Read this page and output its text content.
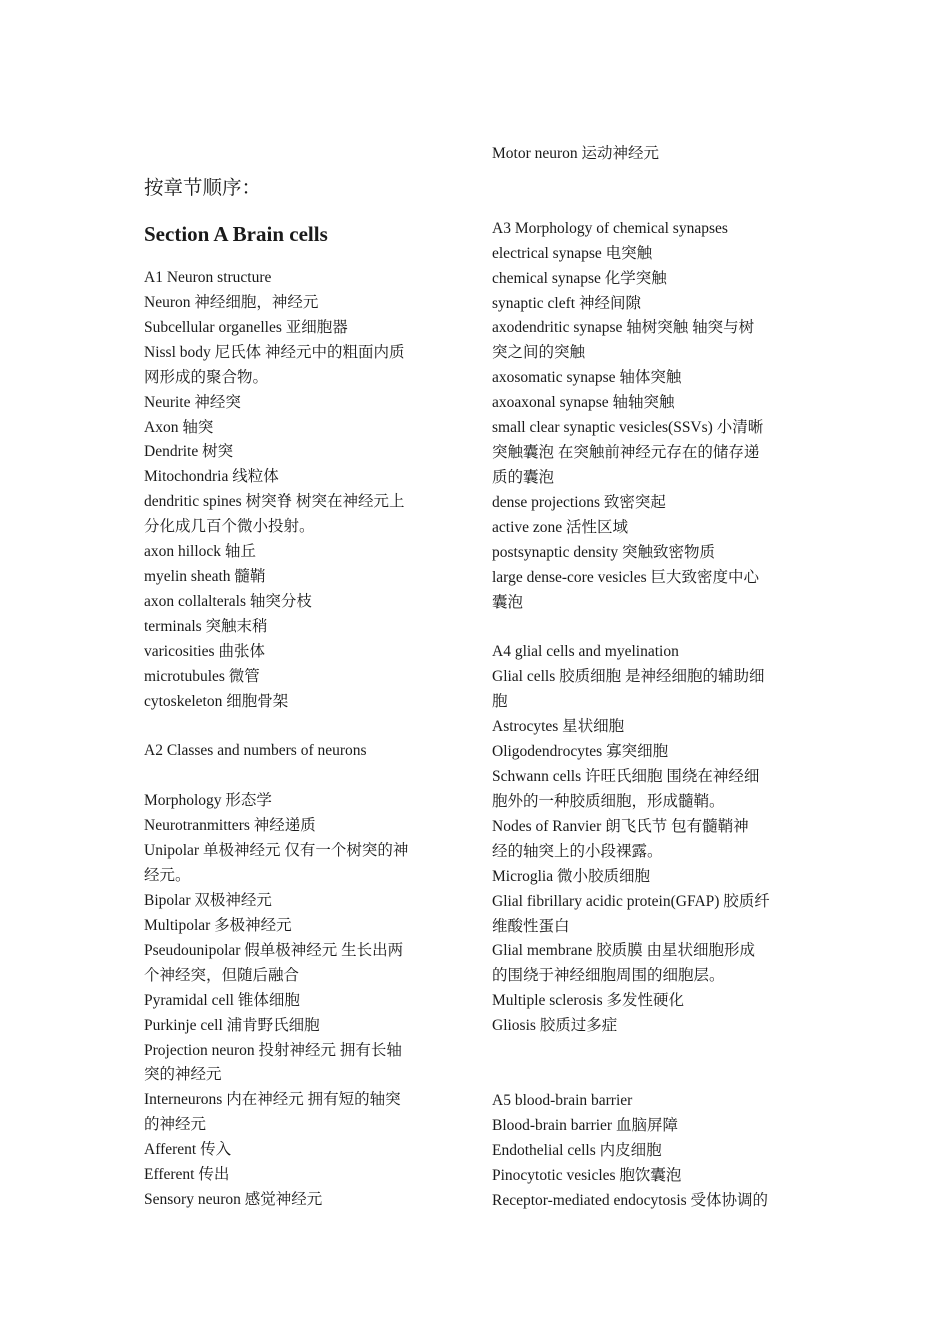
按章节顺序：
Section A Brain cells
A1 Neuron structure
Neuron 神经细胞，神经元
Subcellular organelles 亚细胞器
Nissl body 尼氏体 神经元中的粗面内质
网形成的聚合物。
Neurite 神经突
Axon 轴突
Dendrite 树突
Mitochondria 线粒体
dendritic spines 树突脊 树突在神经元上
分化成几百个微小投射。
axon hillock 轴丘
myelin sheath 髓鞘
axon collalterals 轴突分枝
terminals 突触末稍
varicosities 曲张体
microtubules 微管
cytoskeleton 细胞骨架
A2 Classes and numbers of neurons
Morphology 形态学
Neurotranmitters 神经递质
Unipolar 单极神经元 仅有一个树突的神
经元。
Bipolar 双极神经元
Multipolar 多极神经元
Pseudounipolar 假单极神经元 生长出两
个神经突，但随后融合
Pyramidal cell 锥体细胞
Purkinje cell 浦肯野氏细胞
Projection neuron 投射神经元 拥有长轴
突的神经元
Interneurons 内在神经元 拥有短的轴突
的神经元
Afferent 传入
Efferent 传出
Sensory neuron 感觉神经元
Motor neuron 运动神经元
A3 Morphology of chemical synapses
electrical synapse 电突触
chemical synapse 化学突触
synaptic cleft 神经间隙
axodendritic synapse 轴树突触 轴突与树
突之间的突触
axosomatic synapse 轴体突触
axoaxonal synapse 轴轴突触
small clear synaptic vesicles(SSVs) 小清晰
突触囊泡 在突触前神经元存在的储存递
质的囊泡
dense projections 致密突起
active zone 活性区域
postsynaptic density 突触致密物质
large dense-core vesicles 巨大致密度中心
囊泡
A4 glial cells and myelination
Glial cells 胶质细胞 是神经细胞的辅助细
胞
Astrocytes 星状细胞
Oligodendrocytes 寡突细胞
Schwann cells 许旺氏细胞 围绕在神经细
胞外的一种胶质细胞，形成髓鞘。
Nodes of Ranvier 朗飞氏节 包有髓鞘神
经的轴突上的小段裸露。
Microglia 微小胶质细胞
Glial fibrillary acidic protein(GFAP) 胶质纤
维酸性蛋白
Glial membrane 胶质膜 由星状细胞形成
的围绕于神经细胞周围的细胞层。
Multiple sclerosis 多发性硬化
Gliosis 胶质过多症
A5 blood-brain barrier
Blood-brain barrier 血脑屏障
Endothelial cells 内皮细胞
Pinocytotic vesicles 胞饮囊泡
Receptor-mediated endocytosis 受体协调的
